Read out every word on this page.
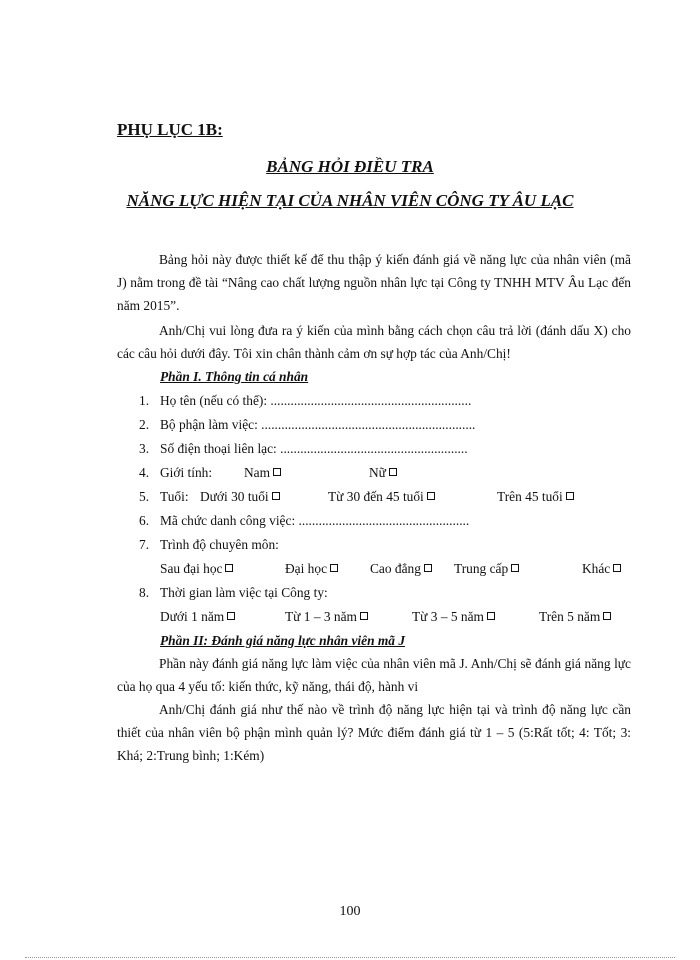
PHỤ LỤC 1B:
BẢNG HỎI ĐIỀU TRA
NĂNG LỰC HIỆN TẠI CỦA NHÂN VIÊN CÔNG TY ÂU LẠC
Bảng hỏi này được thiết kế để thu thập ý kiến đánh giá về năng lực của nhân viên (mã J) nằm trong đề tài “Nâng cao chất lượng nguồn nhân lực tại Công ty TNHH MTV Âu Lạc đến năm 2015”.
Anh/Chị vui lòng đưa ra ý kiến của mình bằng cách chọn câu trả lời (đánh dấu X) cho các câu hỏi dưới đây. Tôi xin chân thành cảm ơn sự hợp tác của Anh/Chị!
Phần I. Thông tin cá nhân
1. Họ tên (nếu có thể): ............................................................
2. Bộ phận làm việc: ................................................................
3. Số điện thoại liên lạc: ........................................................
4. Giới tính: Nam	Nữ
5. Tuổi: Dưới 30 tuổi	Từ 30 đến 45 tuổi	Trên 45 tuổi
6. Mã chức danh công việc: ...................................................
7. Trình độ chuyên môn:
Sau đại học	Đại học	Cao đẳng	Trung cấp	Khác
8. Thời gian làm việc tại Công ty:
Dưới 1 năm	Từ 1 – 3 năm	Từ 3 – 5 năm	Trên 5 năm
Phần II: Đánh giá năng lực nhân viên mã J
Phần này đánh giá năng lực làm việc của nhân viên mã J. Anh/Chị sẽ đánh giá năng lực của họ qua 4 yếu tố: kiến thức, kỹ năng, thái độ, hành vi
Anh/Chị đánh giá như thế nào về trình độ năng lực hiện tại và trình độ năng lực cần thiết của nhân viên bộ phận mình quản lý? Mức điểm đánh giá từ 1 – 5 (5:Rất tốt; 4: Tốt; 3: Khá; 2:Trung bình; 1:Kém)
100
